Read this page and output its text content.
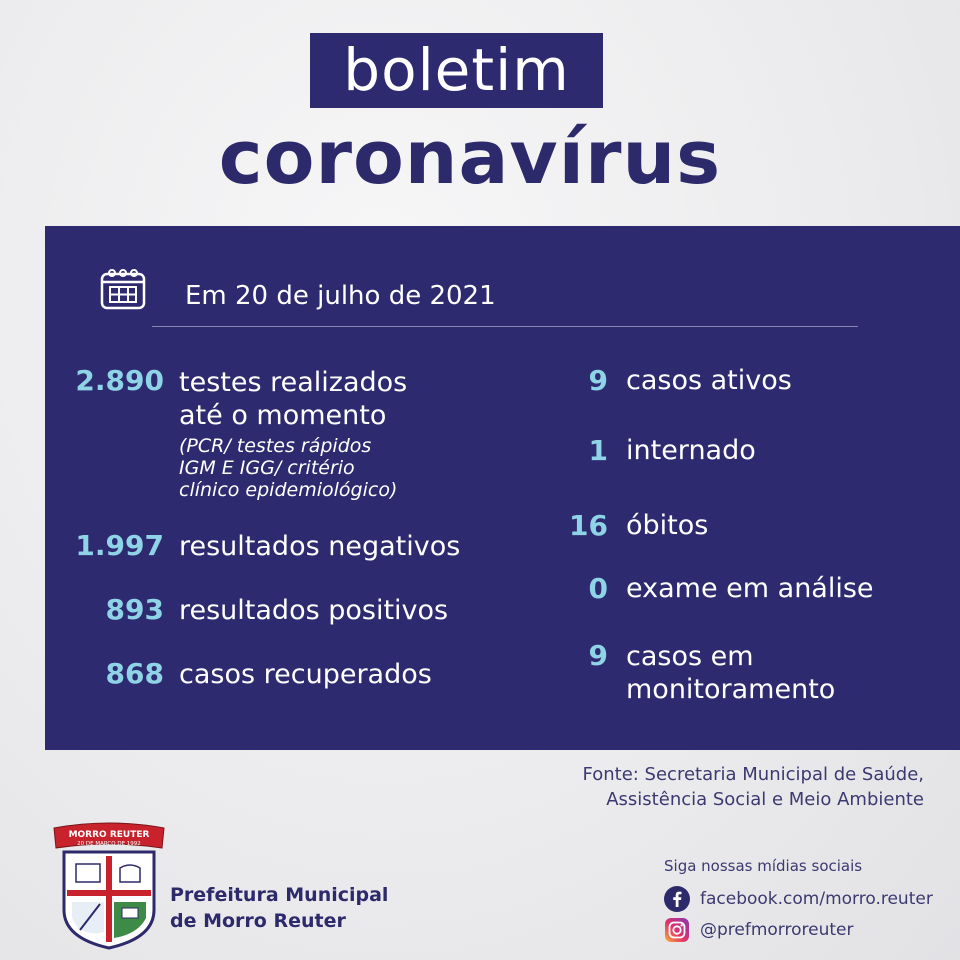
boletim
coronavírus
Em 20 de julho de 2021
2.890 testes realizados
até o momento
(PCR/ testes rápidos
IGM E IGG/ critério
clínico epidemiológico)
1.997 resultados negativos
893 resultados positivos
868 casos recuperados
9 casos ativos
1 internado
16 óbitos
0 exame em análise
9 casos em
monitoramento
Fonte: Secretaria Municipal de Saúde,
Assistência Social e Meio Ambiente
MORRO REUTER
20 DE MARÇO DE 1992
Prefeitura Municipal
de Morro Reuter
Siga nossas mídias sociais
facebook.com/morro.reuter
@prefmorroreuter
